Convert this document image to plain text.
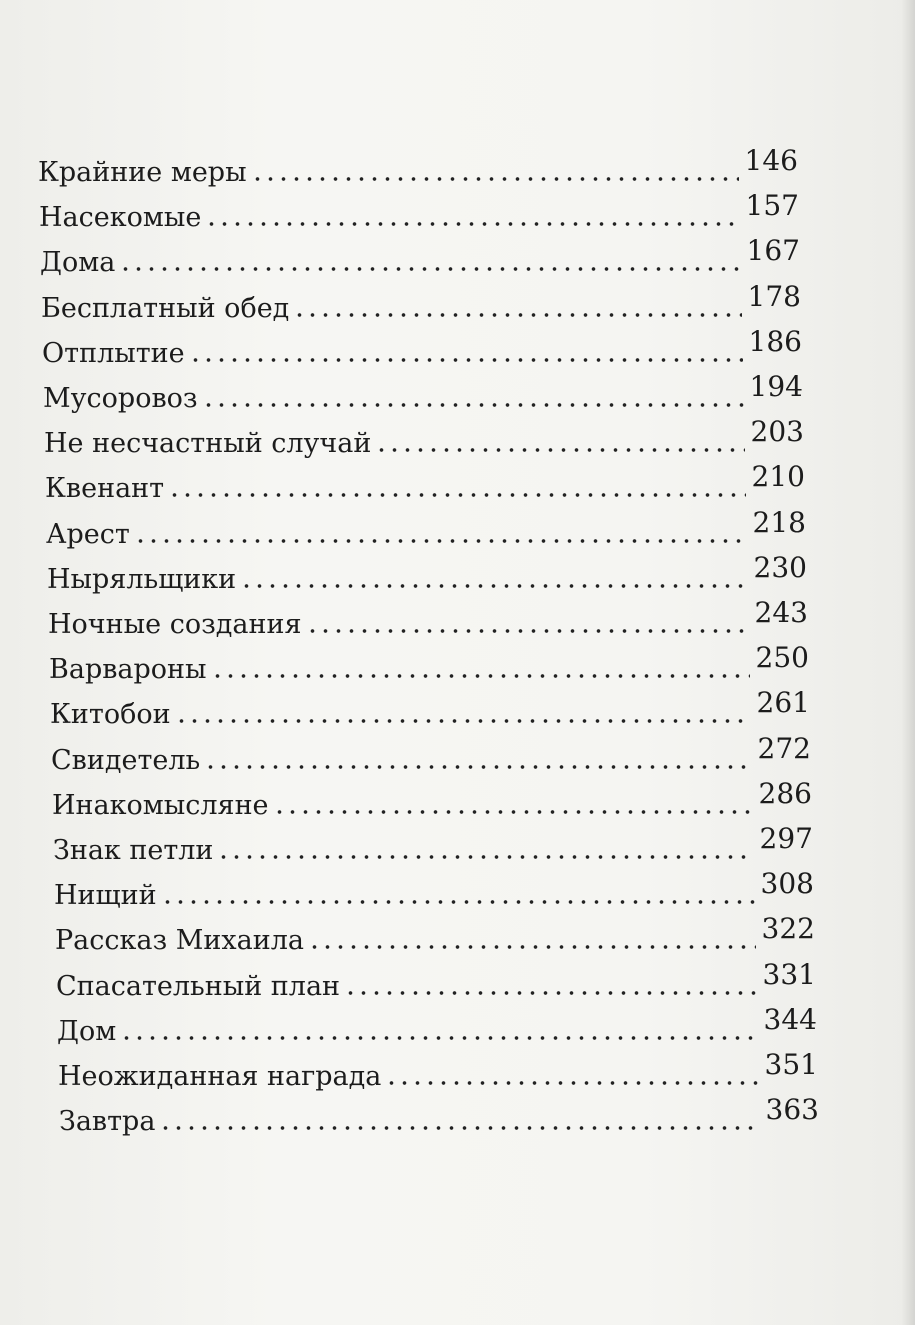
Крайние меры	146
Насекомые	157
Дома	167
Бесплатный обед	178
Отплытие	186
Мусоровоз	194
Не несчастный случай	203
Квенант	210
Арест	218
Ныряльщики	230
Ночные создания	243
Варвароны	250
Китобои	261
Свидетель	272
Инакомысляне	286
Знак петли	297
Нищий	308
Рассказ Михаила	322
Спасательный план	331
Дом	344
Неожиданная награда	351
Завтра	363
